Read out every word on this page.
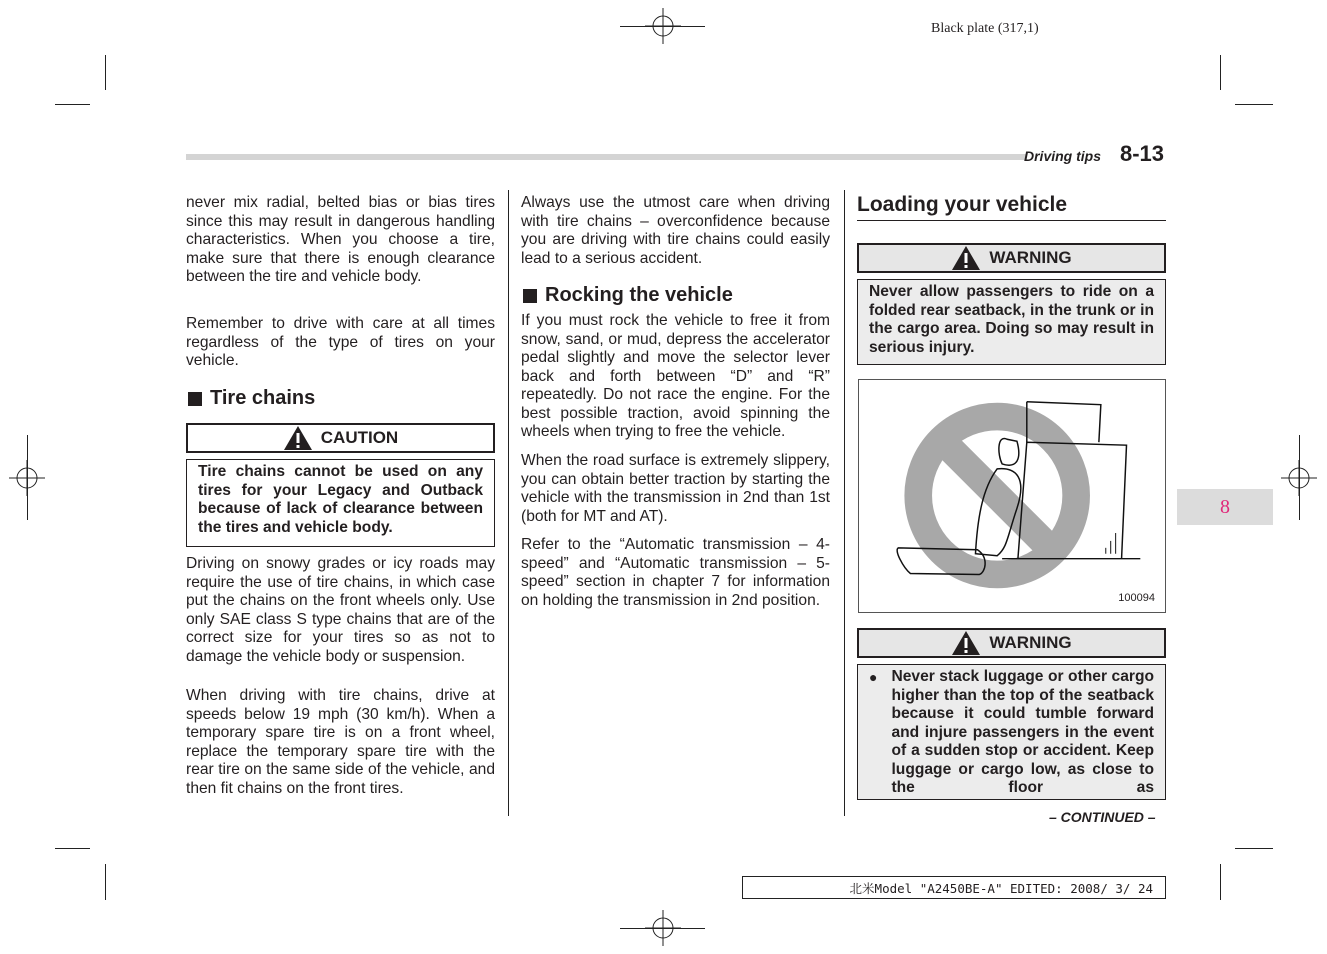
Black plate (317,1)
Driving tips 8-13
8
never mix radial, belted bias or bias tires since this may result in dangerous handling characteristics. When you choose a tire, make sure that there is enough clearance between the tire and vehicle body.
Remember to drive with care at all times regardless of the type of tires on your vehicle.
Tire chains
CAUTION
Tire chains cannot be used on any tires for your Legacy and Outback because of lack of clearance between the tires and vehicle body.
Driving on snowy grades or icy roads may require the use of tire chains, in which case put the chains on the front wheels only. Use only SAE class S type chains that are of the correct size for your tires so as not to damage the vehicle body or suspension.
When driving with tire chains, drive at speeds below 19 mph (30 km/h). When a temporary spare tire is on a front wheel, replace the temporary spare tire with the rear tire on the same side of the vehicle, and then fit chains on the front tires.
Always use the utmost care when driving with tire chains – overconfidence because you are driving with tire chains could easily lead to a serious accident.
Rocking the vehicle
If you must rock the vehicle to free it from snow, sand, or mud, depress the accelerator pedal slightly and move the selector lever back and forth between “D” and “R” repeatedly. Do not race the engine. For the best possible traction, avoid spinning the wheels when trying to free the vehicle.
When the road surface is extremely slippery, you can obtain better traction by starting the vehicle with the transmission in 2nd than 1st (both for MT and AT).
Refer to the “Automatic transmission – 4-speed” and “Automatic transmission – 5-speed” section in chapter 7 for information on holding the transmission in 2nd position.
Loading your vehicle
WARNING
Never allow passengers to ride on a folded rear seatback, in the trunk or in the cargo area. Doing so may result in serious injury.
100094
WARNING
● Never stack luggage or other cargo higher than the top of the seatback because it could tumble forward and injure passengers in the event of a sudden stop or accident. Keep luggage or cargo low, as close to the floor as
– CONTINUED –
北米Model "A2450BE-A" EDITED: 2008/ 3/ 24
